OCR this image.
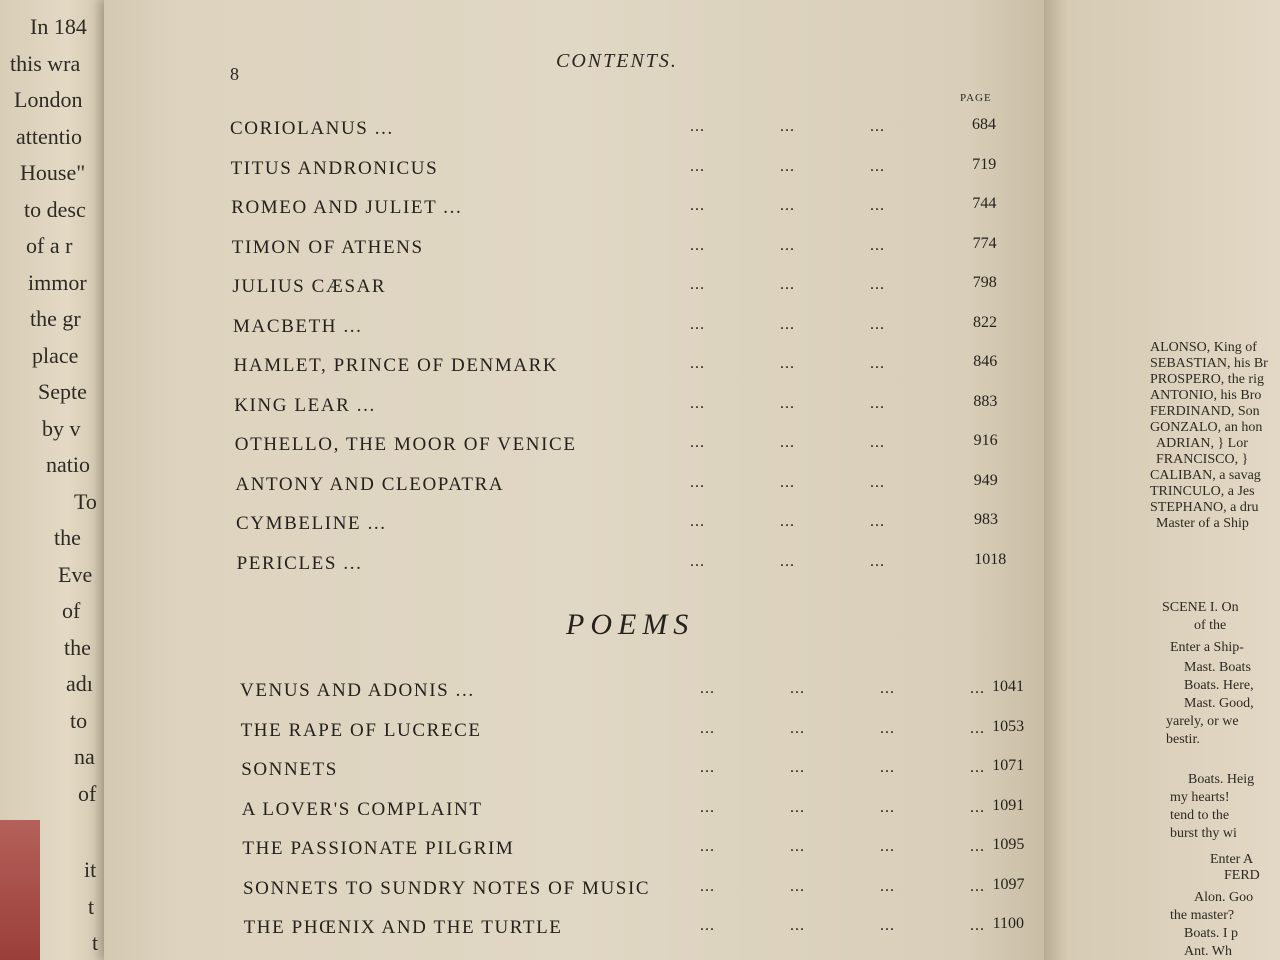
In 184
this wra
London
attentio
House"
to desc
of a r
immor
the gr
place
Septe
by v
natio
To
the
Eve
of
the
adı
to
na
of
it
t
t
ALONSO, King of
SEBASTIAN, his Br
PROSPERO, the rig
ANTONIO, his Bro
FERDINAND, Son
GONZALO, an hon
ADRIAN, } Lor
FRANCISCO, }
CALIBAN, a savag
TRINCULO, a Jes
STEPHANO, a dru
Master of a Ship
SCENE I. On
of the
Enter a Ship-
Mast. Boats
Boats. Here,
Mast. Good,
yarely, or we
bestir.
Boats. Heig
my hearts!
tend to the
burst thy wi
Enter A
FERD
Alon. Goo
the master?
Boats. I p
Ant. Wh
8
CONTENTS.
PAGE
CORIOLANUS ...	...	...	...	684
TITUS ANDRONICUS	...	...	...	719
ROMEO AND JULIET ...	...	...	...	744
TIMON OF ATHENS	...	...	...	774
JULIUS CÆSAR	...	...	...	798
MACBETH ...	...	...	...	822
HAMLET, PRINCE OF DENMARK	...	...	...	846
KING LEAR ...	...	...	...	883
OTHELLO, THE MOOR OF VENICE	...	...	...	916
ANTONY AND CLEOPATRA	...	...	...	949
CYMBELINE ...	...	...	...	983
PERICLES ...	...	...	...	1018
POEMS
VENUS AND ADONIS ...	...	...	...	... 1041
THE RAPE OF LUCRECE	...	...	...	... 1053
SONNETS	...	...	...	... 1071
A LOVER'S COMPLAINT	...	...	...	... 1091
THE PASSIONATE PILGRIM	...	...	...	... 1095
SONNETS TO SUNDRY NOTES OF MUSIC	...	...	...	... 1097
THE PHŒNIX AND THE TURTLE	...	...	...	... 1100
